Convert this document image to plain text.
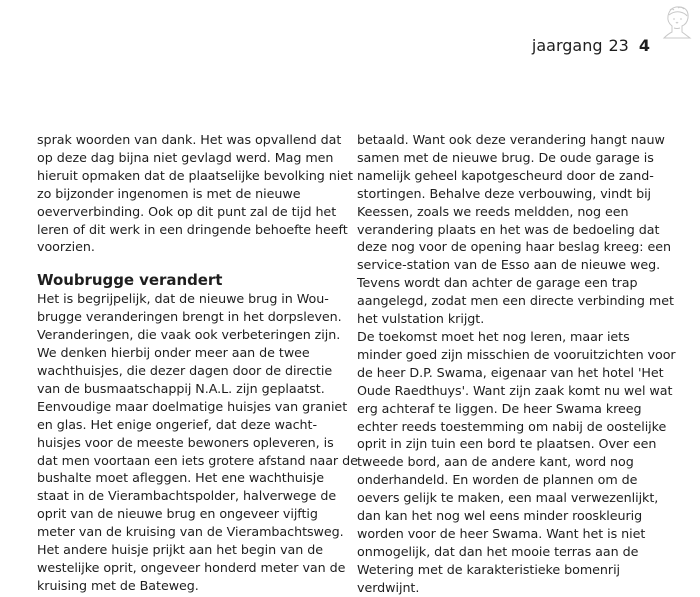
jaargang 23 4

sprak woorden van dank. Het was opvallend dat

op deze dag bijna niet gevlagd werd. Mag men

hieruit opmaken dat de plaatselijke bevolking niet

zo bijzonder ingenomen is met de nieuwe

oeververbinding. Ook op dit punt zal de tijd het

leren of dit werk in een dringende behoefte heeft

voorzien.

Woubrugge verandert

Het is begrijpelijk, dat de nieuwe brug in Wou-

brugge veranderingen brengt in het dorpsleven.

Veranderingen, die vaak ook verbeteringen zijn.

We denken hierbij onder meer aan de twee

wachthuisjes, die dezer dagen door de directie

van de busmaatschappij N.A.L. zijn geplaatst.

Eenvoudige maar doelmatige huisjes van graniet

en glas. Het enige ongerief, dat deze wacht-

huisjes voor de meeste bewoners opleveren, is

dat men voortaan een iets grotere afstand naar de

bushalte moet afleggen. Het ene wachthuisje

staat in de Vierambachtspolder, halverwege de

oprit van de nieuwe brug en ongeveer vijftig

meter van de kruising van de Vierambachtsweg.

Het andere huisje prijkt aan het begin van de

westelijke oprit, ongeveer honderd meter van de

kruising met de Bateweg.

betaald. Want ook deze verandering hangt nauw

samen met de nieuwe brug. De oude garage is

namelijk geheel kapotgescheurd door de zand-

stortingen. Behalve deze verbouwing, vindt bij

Keessen, zoals we reeds meldden, nog een

verandering plaats en het was de bedoeling dat

deze nog voor de opening haar beslag kreeg: een

service-station van de Esso aan de nieuwe weg.

Tevens wordt dan achter de garage een trap

aangelegd, zodat men een directe verbinding met

het vulstation krijgt.

De toekomst moet het nog leren, maar iets

minder goed zijn misschien de vooruitzichten voor

de heer D.P. Swama, eigenaar van het hotel 'Het

Oude Raedthuys'. Want zijn zaak komt nu wel wat

erg achteraf te liggen. De heer Swama kreeg

echter reeds toestemming om nabij de oostelijke

oprit in zijn tuin een bord te plaatsen. Over een

tweede bord, aan de andere kant, word nog

onderhandeld. En worden de plannen om de

oevers gelijk te maken, een maal verwezenlijkt,

dan kan het nog wel eens minder rooskleurig

worden voor de heer Swama. Want het is niet

onmogelijk, dat dan het mooie terras aan de

Wetering met de karakteristieke bomenrij

verdwijnt.
